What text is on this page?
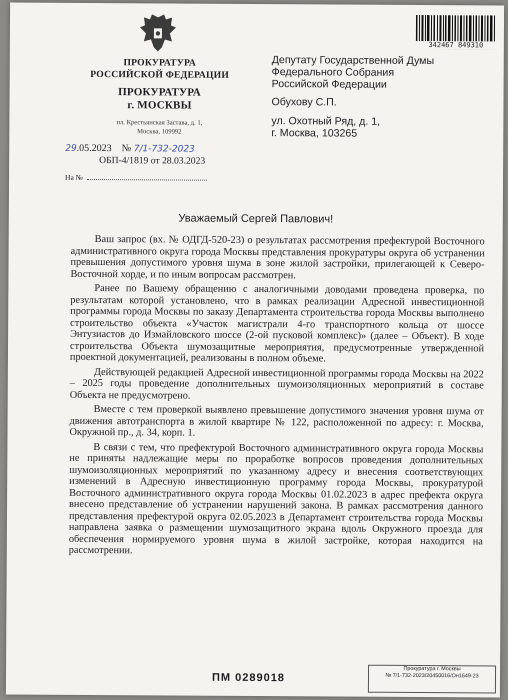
ПРОКУРАТУРА
РОССИЙСКОЙ ФЕДЕРАЦИИ
ПРОКУРАТУРА
г. МОСКВЫ
пл. Крестьянская Застава, д. 1,
Москва, 109992
29.05.2023 № 7/1-732-2023
ОБП-4/1819 от 28.03.2023
На №
342467 849310
Депутату Государственной Думы
Федерального Собрания
Российской Федерации
Обухову С.П.
ул. Охотный Ряд, д. 1,
г. Москва, 103265
Уважаемый Сергей Павлович!

Ваш запрос (вх. № ОДГД-520-23) о результатах рассмотрения префектурой Восточного административного округа города Москвы представления прокуратуры округа об устранении превышения допустимого уровня шума в зоне жилой застройки, прилегающей к Северо-Восточной хорде, и по иным вопросам рассмотрен.

Ранее по Вашему обращению с аналогичными доводами проведена проверка, по результатам которой установлено, что в рамках реализации Адресной инвестиционной программы города Москвы по заказу Департамента строительства города Москвы выполнено строительство объекта «Участок магистрали 4-го транспортного кольца от шоссе Энтузиастов до Измайловского шоссе (2-ой пусковой комплекс)» (далее – Объект). В ходе строительства Объекта шумозащитные мероприятия, предусмотренные утвержденной проектной документацией, реализованы в полном объеме.

Действующей редакцией Адресной инвестиционной программы города Москвы на 2022 – 2025 годы проведение дополнительных шумоизоляционных мероприятий в составе Объекта не предусмотрено.

Вместе с тем проверкой выявлено превышение допустимого значения уровня шума от движения автотранспорта в жилой квартире № 122, расположенной по адресу: г. Москва, Окружной пр., д. 34, корп. 1.

В связи с тем, что префектурой Восточного административного округа города Москвы не приняты надлежащие меры по проработке вопросов проведения дополнительных шумоизоляционных мероприятий по указанному адресу и внесения соответствующих изменений в Адресную инвестиционную программу города Москвы, прокуратурой Восточного административного округа города Москвы 01.02.2023 в адрес префекта округа внесено представление об устранении нарушений закона. В рамках рассмотрения данного представления префектурой округа 02.05.2023 в Департамент строительства города Москвы направлена заявка о размещении шумозащитного экрана вдоль Окружного проезда для обеспечения нормируемого уровня шума в жилой застройке, которая находится на рассмотрении.

ПМ 0289018
Прокуратура г. Москвы
№ 7/1-732-2023/20450016/Он1649-23
